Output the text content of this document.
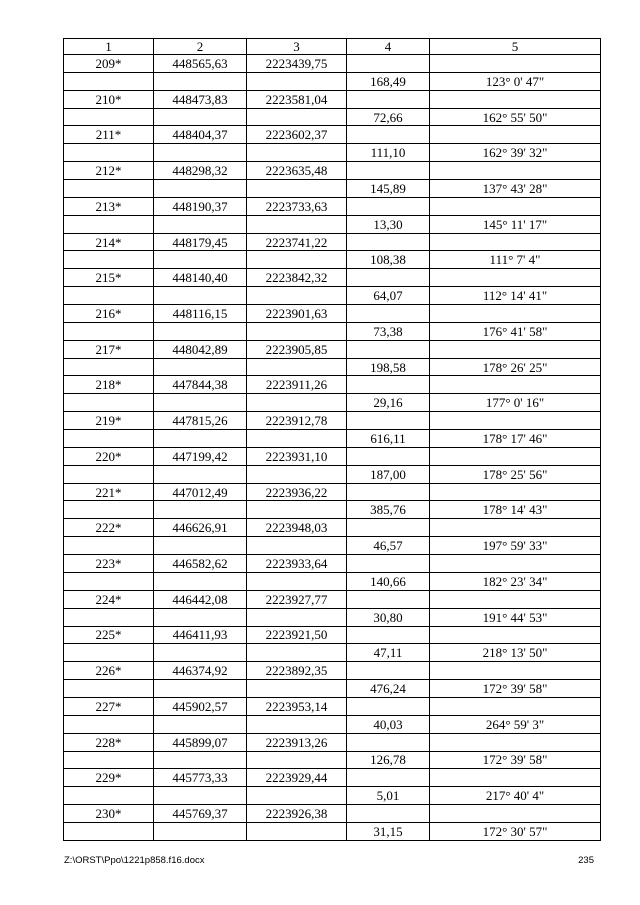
1	2	3	4	5
209*	448565,63	2223439,75		
			168,49	123° 0' 47"
210*	448473,83	2223581,04		
			72,66	162° 55' 50"
211*	448404,37	2223602,37		
			111,10	162° 39' 32"
212*	448298,32	2223635,48		
			145,89	137° 43' 28"
213*	448190,37	2223733,63		
			13,30	145° 11' 17"
214*	448179,45	2223741,22		
			108,38	111° 7' 4"
215*	448140,40	2223842,32		
			64,07	112° 14' 41"
216*	448116,15	2223901,63		
			73,38	176° 41' 58"
217*	448042,89	2223905,85		
			198,58	178° 26' 25"
218*	447844,38	2223911,26		
			29,16	177° 0' 16"
219*	447815,26	2223912,78		
			616,11	178° 17' 46"
220*	447199,42	2223931,10		
			187,00	178° 25' 56"
221*	447012,49	2223936,22		
			385,76	178° 14' 43"
222*	446626,91	2223948,03		
			46,57	197° 59' 33"
223*	446582,62	2223933,64		
			140,66	182° 23' 34"
224*	446442,08	2223927,77		
			30,80	191° 44' 53"
225*	446411,93	2223921,50		
			47,11	218° 13' 50"
226*	446374,92	2223892,35		
			476,24	172° 39' 58"
227*	445902,57	2223953,14		
			40,03	264° 59' 3"
228*	445899,07	2223913,26		
			126,78	172° 39' 58"
229*	445773,33	2223929,44		
			5,01	217° 40' 4"
230*	445769,37	2223926,38		
			31,15	172° 30' 57"
Z:\ORST\Ppo\1221p858.f16.docx	235
